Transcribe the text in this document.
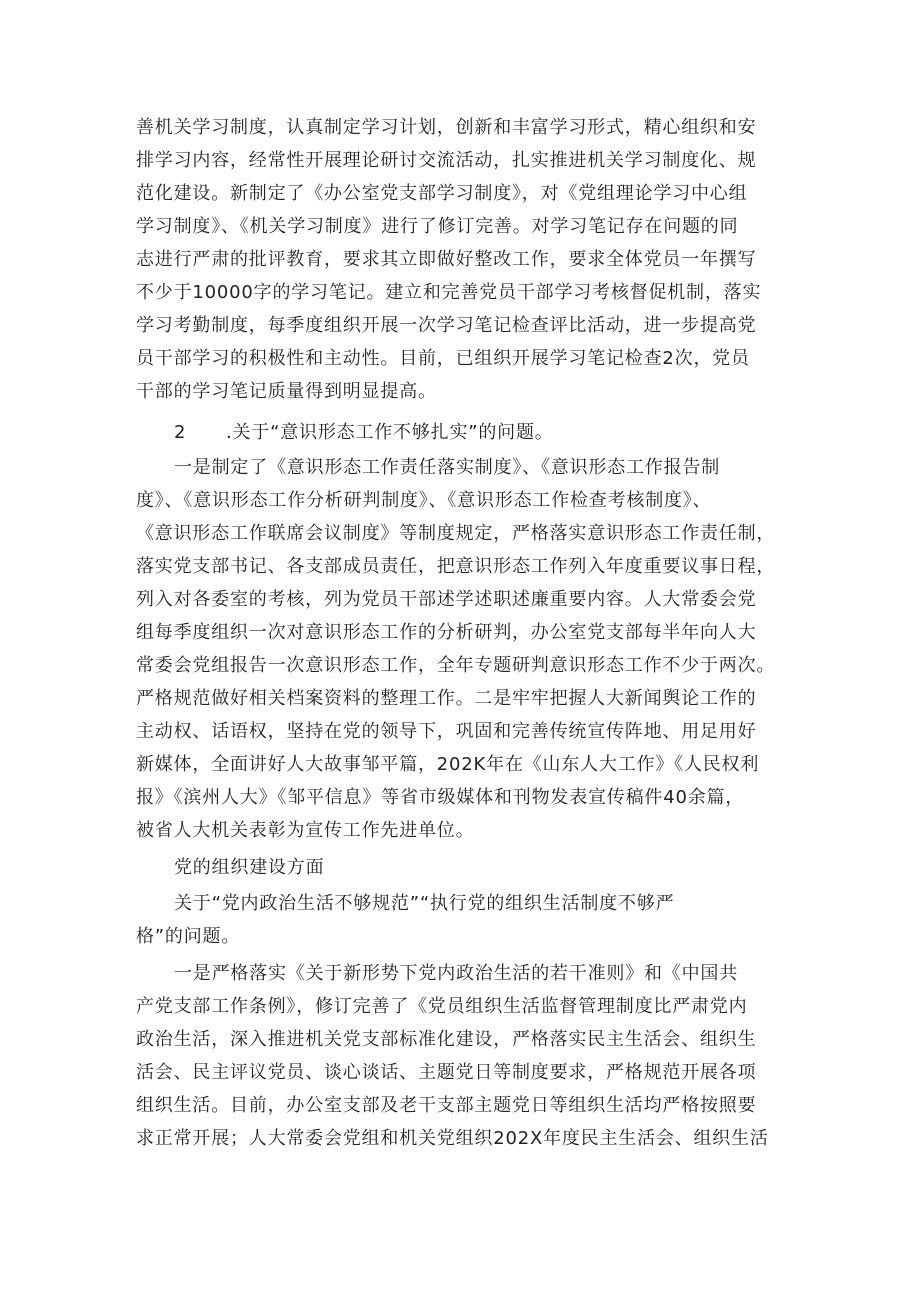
善机关学习制度，认真制定学习计划，创新和丰富学习形式，精心组织和安
排学习内容，经常性开展理论研讨交流活动，扎实推进机关学习制度化、规
范化建设。新制定了《办公室党支部学习制度》，对《党组理论学习中心组
学习制度》、《机关学习制度》进行了修订完善。对学习笔记存在问题的同
志进行严肃的批评教育，要求其立即做好整改工作，要求全体党员一年撰写
不少于10000字的学习笔记。建立和完善党员干部学习考核督促机制，落实
学习考勤制度，每季度组织开展一次学习笔记检查评比活动，进一步提高党
员干部学习的积极性和主动性。目前，已组织开展学习笔记检查2次，党员
干部的学习笔记质量得到明显提高。
2	.关于“意识形态工作不够扎实”的问题。
一是制定了《意识形态工作责任落实制度》、《意识形态工作报告制
度》、《意识形态工作分析研判制度》、《意识形态工作检查考核制度》、
《意识形态工作联席会议制度》等制度规定，严格落实意识形态工作责任制，
落实党支部书记、各支部成员责任，把意识形态工作列入年度重要议事日程，
列入对各委室的考核，列为党员干部述学述职述廉重要内容。人大常委会党
组每季度组织一次对意识形态工作的分析研判，办公室党支部每半年向人大
常委会党组报告一次意识形态工作，全年专题研判意识形态工作不少于两次。
严格规范做好相关档案资料的整理工作。二是牢牢把握人大新闻舆论工作的
主动权、话语权，坚持在党的领导下，巩固和完善传统宣传阵地、用足用好
新媒体，全面讲好人大故事邹平篇，202K年在《山东人大工作》《人民权利
报》《滨州人大》《邹平信息》等省市级媒体和刊物发表宣传稿件40余篇，
被省人大机关表彰为宣传工作先进单位。
党的组织建设方面
关于“党内政治生活不够规范”“执行党的组织生活制度不够严
格”的问题。
一是严格落实《关于新形势下党内政治生活的若干准则》和《中国共
产党支部工作条例》，修订完善了《党员组织生活监督管理制度比严肃党内
政治生活，深入推进机关党支部标准化建设，严格落实民主生活会、组织生
活会、民主评议党员、谈心谈话、主题党日等制度要求，严格规范开展各项
组织生活。目前，办公室支部及老干支部主题党日等组织生活均严格按照要
求正常开展；人大常委会党组和机关党组织202X年度民主生活会、组织生活
